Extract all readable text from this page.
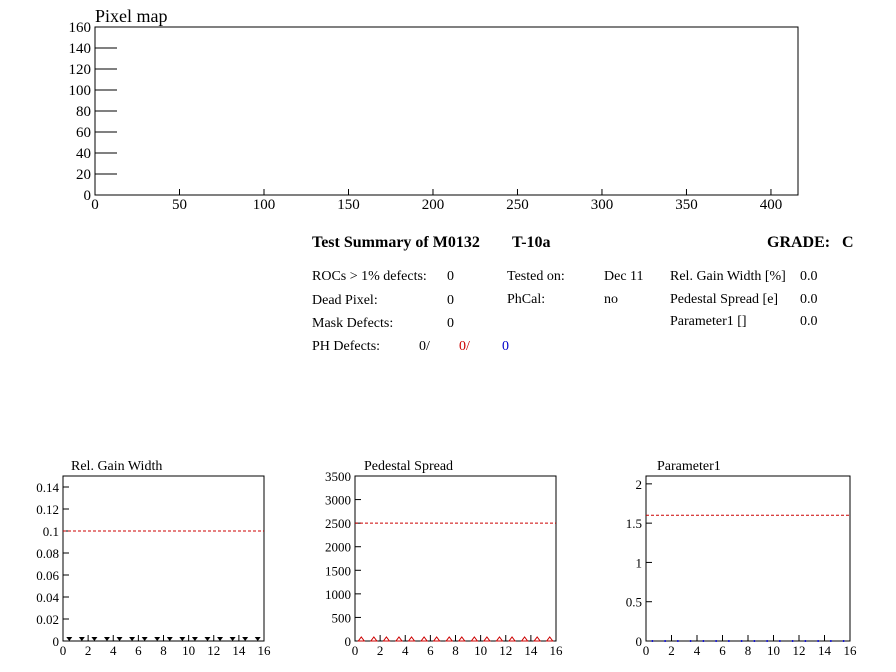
Pixel map
0	50	100	150	200	250	300	350	400
0
20
40
60
80
100
120
140
160
Rel. Gain Width
0 2 4 6 8 10 12 14 16
0
0.02
0.04
0.06
0.08
0.1
0.12
0.14
Pedestal Spread
0 2 4 6 8 10 12 14 16
0
500
1000
1500
2000
2500
3000
3500
Parameter1
0 2 4 6 8 10 12 14 16
0
0.5
1
1.5
2
Test Summary of M0132 T-10a	GRADE: C
ROCs > 1% defects: 0
Dead Pixel:	0
Mask Defects:	0
PH Defects:	0/ 0/ 0
Tested on:	Dec 11
PhCal:	no
Rel. Gain Width [%] 0.0
Pedestal Spread [e] 0.0
Parameter1 []	0.0
